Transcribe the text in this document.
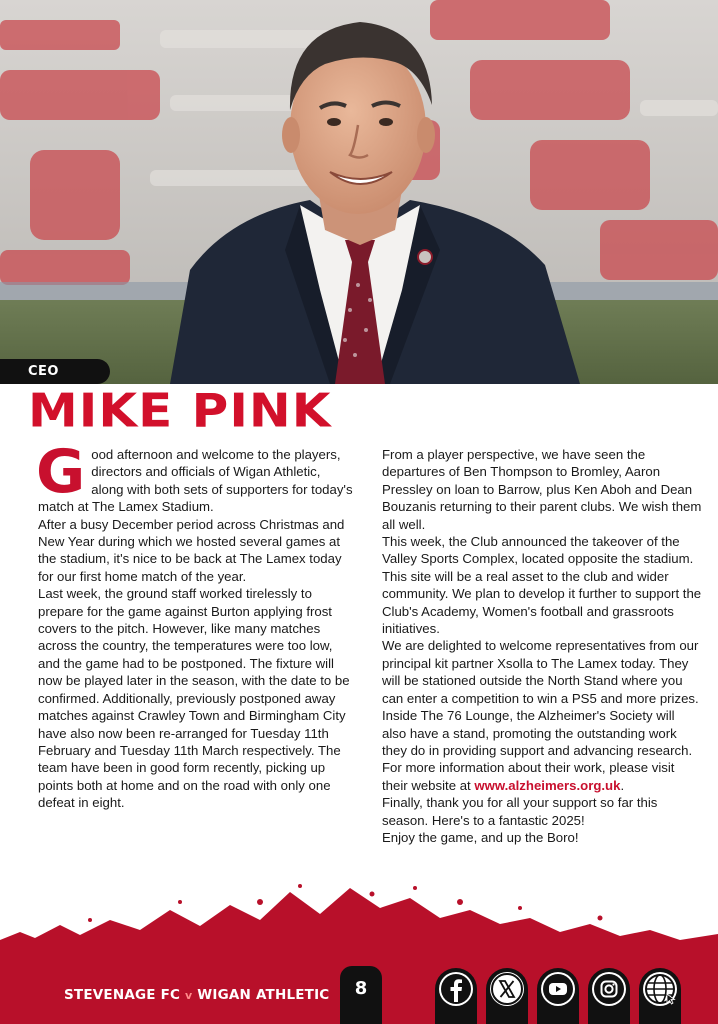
CEO
MIKE PINK

Good afternoon and welcome to the players, directors and officials of Wigan Athletic, along with both sets of supporters for today's match at The Lamex Stadium.

After a busy December period across Christmas and New Year during which we hosted several games at the stadium, it's nice to be back at The Lamex today for our first home match of the year.

Last week, the ground staff worked tirelessly to prepare for the game against Burton applying frost covers to the pitch. However, like many matches across the country, the temperatures were too low, and the game had to be postponed. The fixture will now be played later in the season, with the date to be confirmed. Additionally, previously postponed away matches against Crawley Town and Birmingham City have also now been re-arranged for Tuesday 11th February and Tuesday 11th March respectively. The team have been in good form recently, picking up points both at home and on the road with only one defeat in eight.

From a player perspective, we have seen the departures of Ben Thompson to Bromley, Aaron Pressley on loan to Barrow, plus Ken Aboh and Dean Bouzanis returning to their parent clubs. We wish them all well.

This week, the Club announced the takeover of the Valley Sports Complex, located opposite the stadium. This site will be a real asset to the club and wider community. We plan to develop it further to support the Club's Academy, Women's football and grassroots initiatives.

We are delighted to welcome representatives from our principal kit partner Xsolla to The Lamex today. They will be stationed outside the North Stand where you can enter a competition to win a PS5 and more prizes.

Inside The 76 Lounge, the Alzheimer's Society will also have a stand, promoting the outstanding work they do in providing support and advancing research. For more information about their work, please visit their website at www.alzheimers.org.uk.

Finally, thank you for all your support so far this season. Here's to a fantastic 2025!

Enjoy the game, and up the Boro!

STEVENAGE FC v WIGAN ATHLETIC	8
